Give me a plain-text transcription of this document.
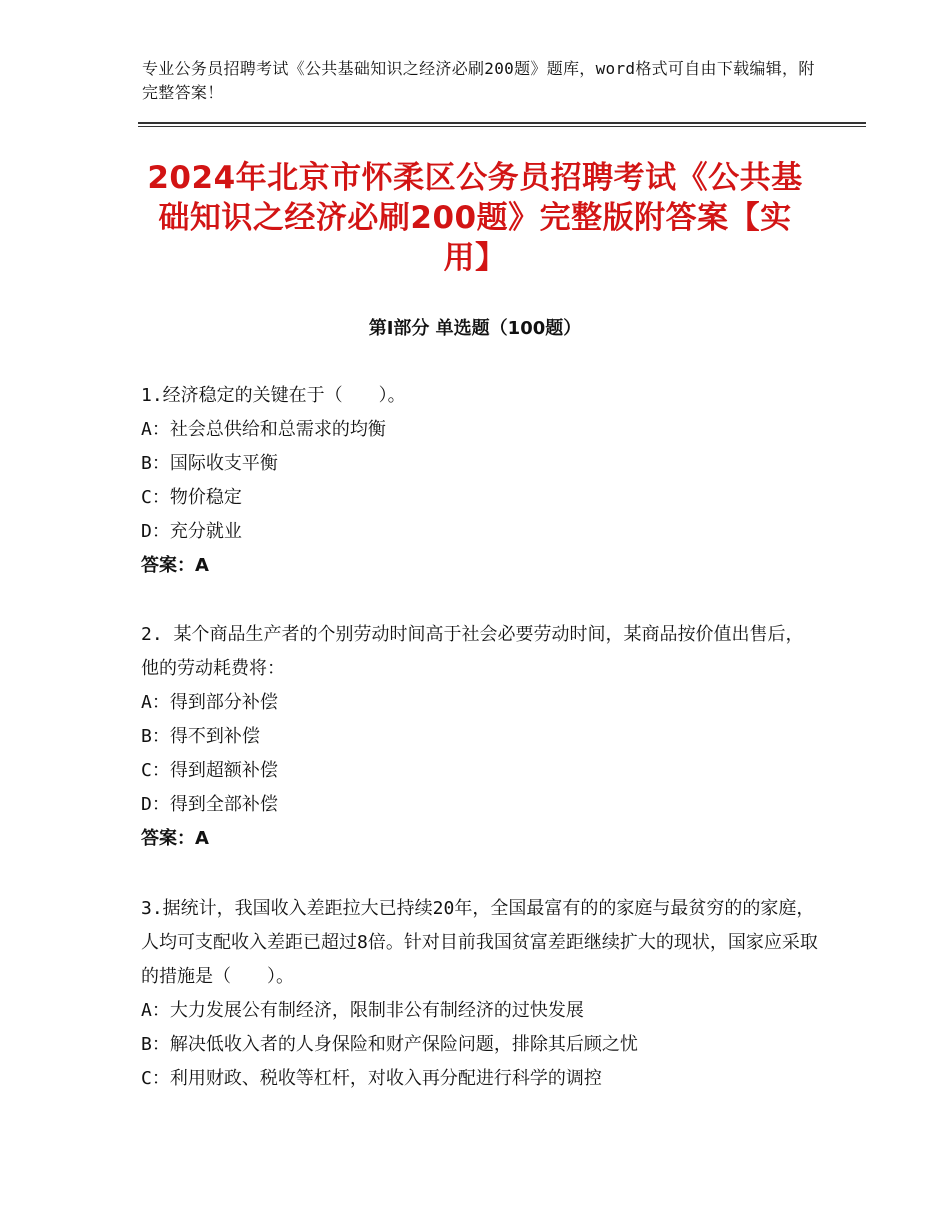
专业公务员招聘考试《公共基础知识之经济必刷200题》题库，word格式可自由下载编辑，附完整答案！
2024年北京市怀柔区公务员招聘考试《公共基础知识之经济必刷200题》完整版附答案【实用】
第Ⅰ部分 单选题（100题）
1.经济稳定的关键在于（　　）。
A：社会总供给和总需求的均衡
B：国际收支平衡
C：物价稳定
D：充分就业
答案：A
2. 某个商品生产者的个别劳动时间高于社会必要劳动时间，某商品按价值出售后，他的劳动耗费将：
A：得到部分补偿
B：得不到补偿
C：得到超额补偿
D：得到全部补偿
答案：A
3.据统计，我国收入差距拉大已持续20年，全国最富有的的家庭与最贫穷的的家庭，人均可支配收入差距已超过8倍。针对目前我国贫富差距继续扩大的现状，国家应采取的措施是（　　）。
A：大力发展公有制经济，限制非公有制经济的过快发展
B：解决低收入者的人身保险和财产保险问题，排除其后顾之忧
C：利用财政、税收等杠杆，对收入再分配进行科学的调控
